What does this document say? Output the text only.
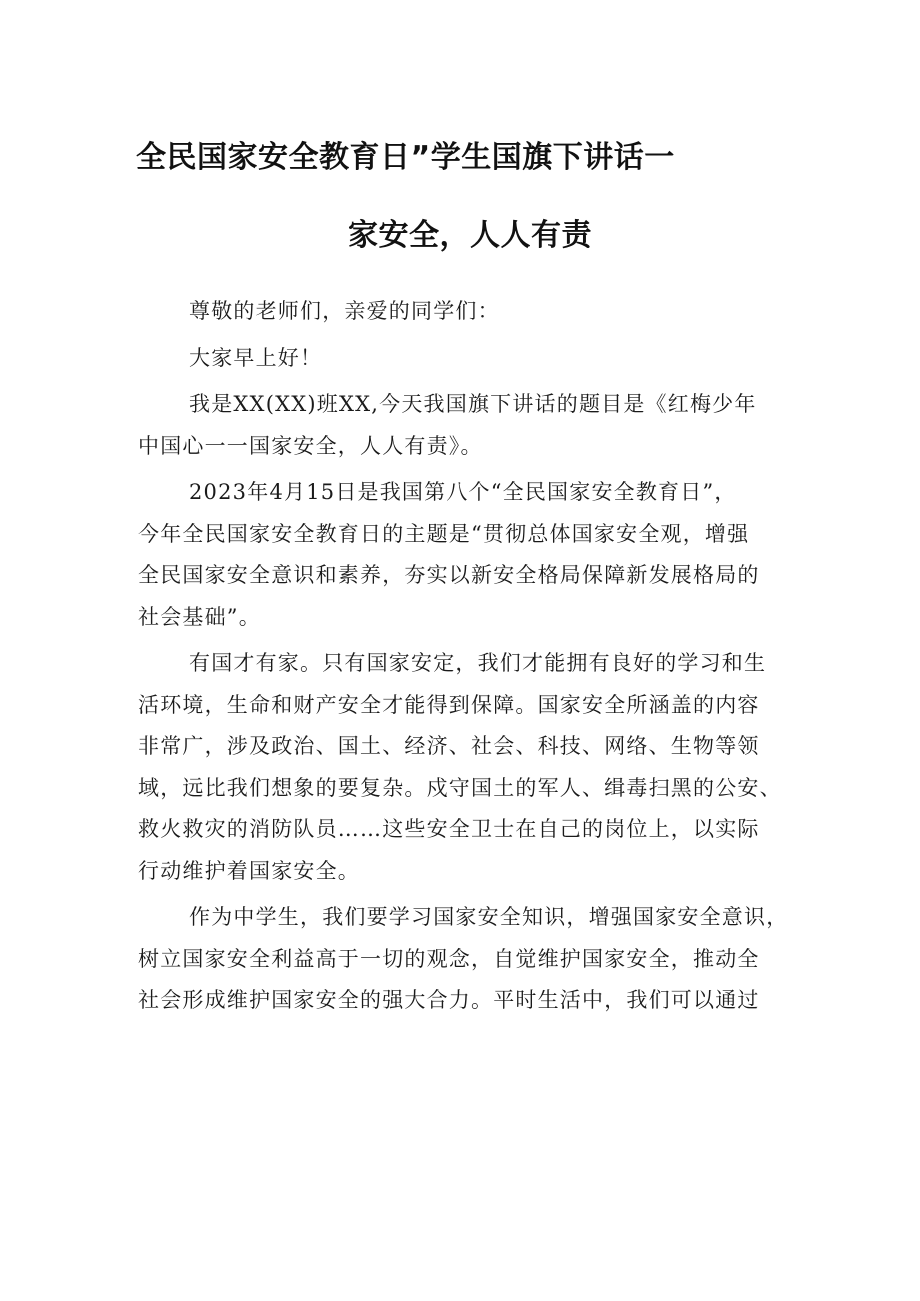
全民国家安全教育日”学生国旗下讲话一
家安全，人人有责
尊敬的老师们，亲爱的同学们：
大家早上好！
我是XX(XX)班XX,今天我国旗下讲话的题目是《红梅少年
中国心一一国家安全，人人有责》。
2023年4月15日是我国第八个“全民国家安全教育日”，
今年全民国家安全教育日的主题是“贯彻总体国家安全观，增强
全民国家安全意识和素养，夯实以新安全格局保障新发展格局的
社会基础”。
有国才有家。只有国家安定，我们才能拥有良好的学习和生
活环境，生命和财产安全才能得到保障。国家安全所涵盖的内容
非常广，涉及政治、国土、经济、社会、科技、网络、生物等领
域，远比我们想象的要复杂。戍守国土的军人、缉毒扫黑的公安、
救火救灾的消防队员……这些安全卫士在自己的岗位上，以实际
行动维护着国家安全。
作为中学生，我们要学习国家安全知识，增强国家安全意识，
树立国家安全利益高于一切的观念，自觉维护国家安全，推动全
社会形成维护国家安全的强大合力。平时生活中，我们可以通过
